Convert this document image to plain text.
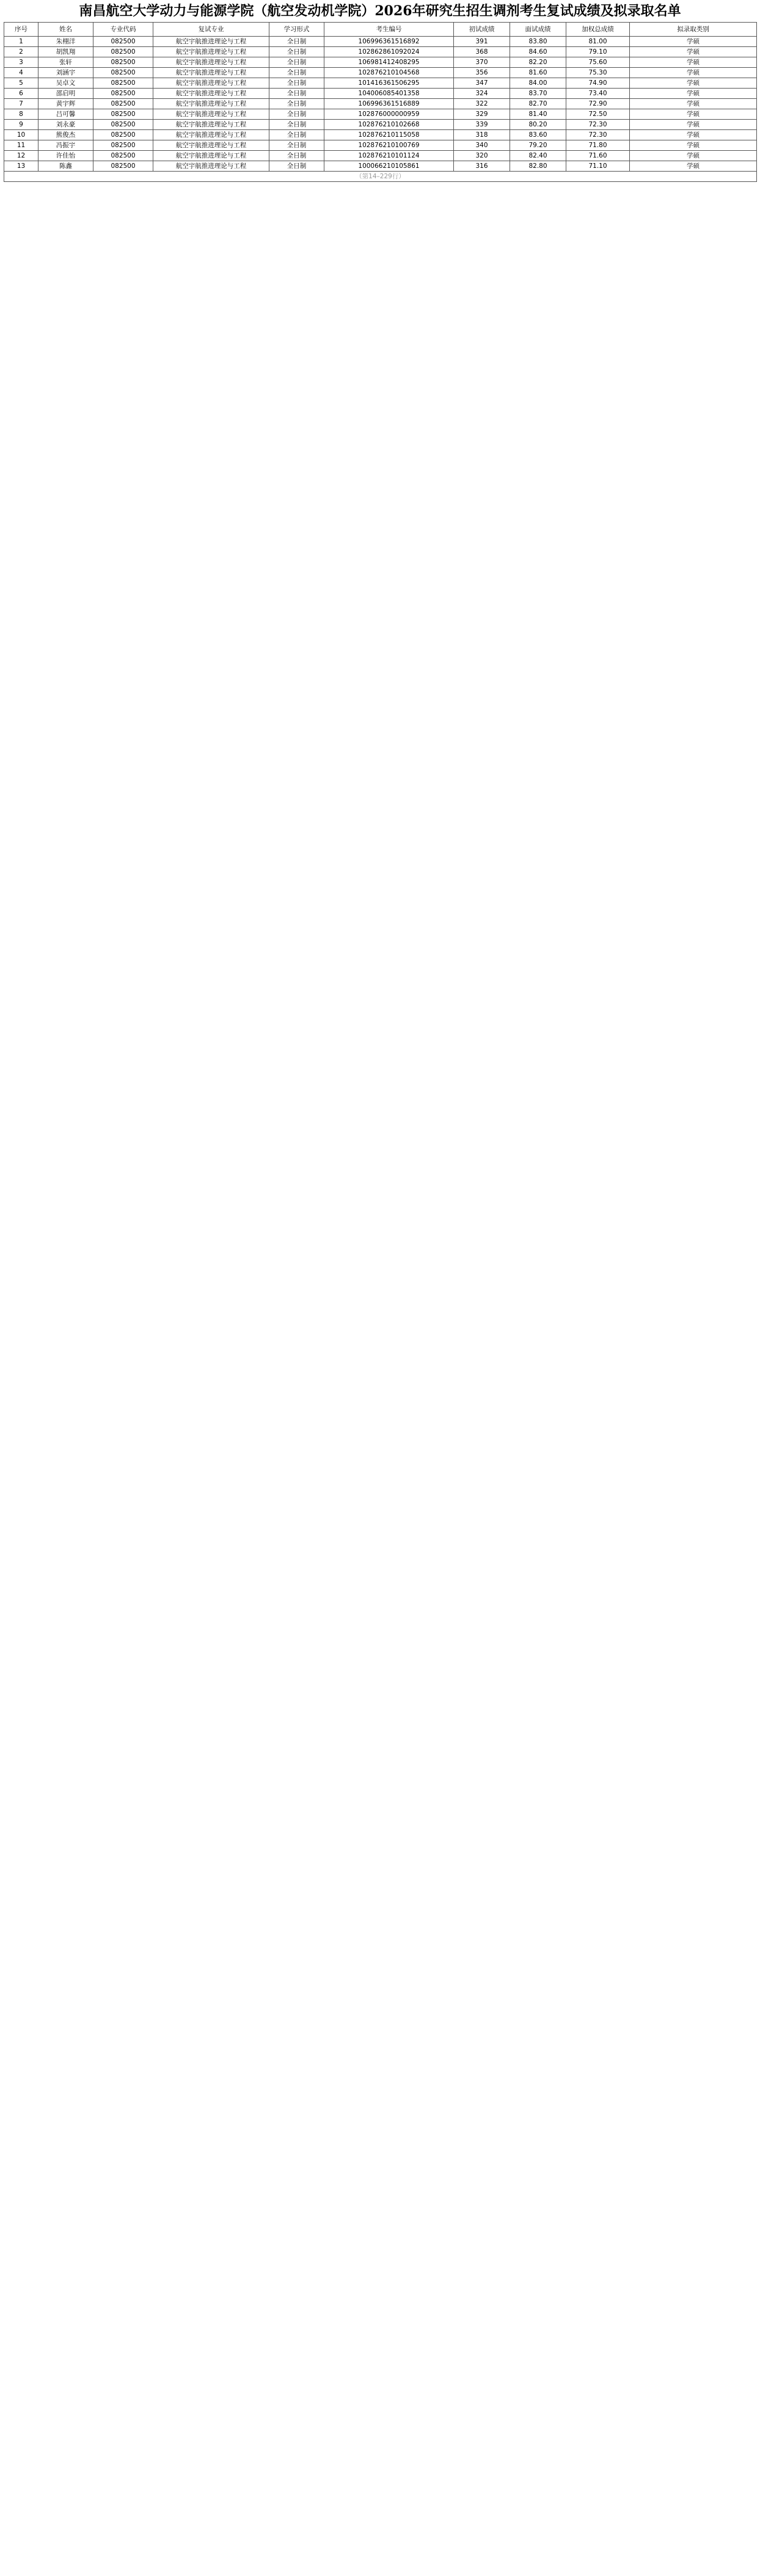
南昌航空大学动力与能源学院（航空发动机学院）2026年研究生招生调剂考生复试成绩及拟录取名单
序号	姓名	专业代码	复试专业	学习形式	考生编号	初试成绩	面试成绩	加权总成绩	拟录取类别
1	朱栩洋	082500	航空宇航推进理论与工程	全日制	106996361516892	391	83.80	81.00	学硕
2	胡凯翔	082500	航空宇航推进理论与工程	全日制	102862861092024	368	84.60	79.10	学硕
3	张轩	082500	航空宇航推进理论与工程	全日制	106981412408295	370	82.20	75.60	学硕
4	刘涵宇	082500	航空宇航推进理论与工程	全日制	102876210104568	356	81.60	75.30	学硕
5	吴卓文	082500	航空宇航推进理论与工程	全日制	101416361506295	347	84.00	74.90	学硕
6	邵启明	082500	航空宇航推进理论与工程	全日制	104006085401358	324	83.70	73.40	学硕
7	黄宇辉	082500	航空宇航推进理论与工程	全日制	106996361516889	322	82.70	72.90	学硕
8	吕可馨	082500	航空宇航推进理论与工程	全日制	102876000000959	329	81.40	72.50	学硕
9	刘永豪	082500	航空宇航推进理论与工程	全日制	102876210102668	339	80.20	72.30	学硕
10	熊俊杰	082500	航空宇航推进理论与工程	全日制	102876210115058	318	83.60	72.30	学硕
11	冯振宇	082500	航空宇航推进理论与工程	全日制	102876210100769	340	79.20	71.80	学硕
12	许佳怡	082500	航空宇航推进理论与工程	全日制	102876210101124	320	82.40	71.60	学硕
13	陈鑫	082500	航空宇航推进理论与工程	全日制	100066210105861	316	82.80	71.10	学硕
（第14–229行）									
